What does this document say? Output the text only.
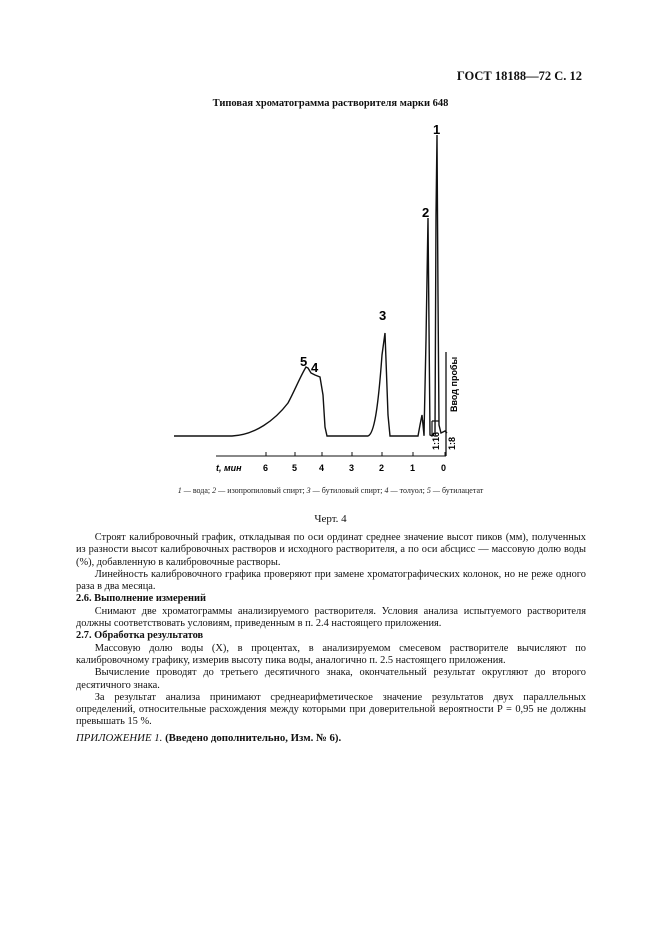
ГОСТ 18188—72 С. 12
Типовая хроматограмма растворителя марки 648
t, мин 6	5 4	3	2	1	0
1
2
3
4
5	Ввод пробы
1:16 1:8
1 — вода; 2 — изопропиловый спирт; 3 — бутиловый спирт; 4 — толуол; 5 — бутилацетат
Черт. 4

Строят калибровочный график, откладывая по оси ординат среднее значение высот пиков (мм), полученных из разности высот калибровочных растворов и исходного растворителя, а по оси абсцисс — массовую долю воды (%), добавленную в калибровочные растворы.

Линейность калибровочного графика проверяют при замене хроматографических колонок, но не реже одного раза в два месяца.

2.6. Выполнение измерений

Снимают две хроматограммы анализируемого растворителя. Условия анализа испытуемого растворителя должны соответствовать условиям, приведенным в п. 2.4 настоящего приложения.

2.7. Обработка результатов

Массовую долю воды (X), в процентах, в анализируемом смесевом растворителе вычисляют по калибровочному графику, измерив высоту пика воды, аналогично п. 2.5 настоящего приложения.

Вычисление проводят до третьего десятичного знака, окончательный результат округляют до второго десятичного знака.

За результат анализа принимают среднеарифметическое значение результатов двух параллельных определений, относительные расхождения между которыми при доверительной вероятности P = 0,95 не должны превышать 15 %.

ПРИЛОЖЕНИЕ 1. (Введено дополнительно, Изм. № 6).
